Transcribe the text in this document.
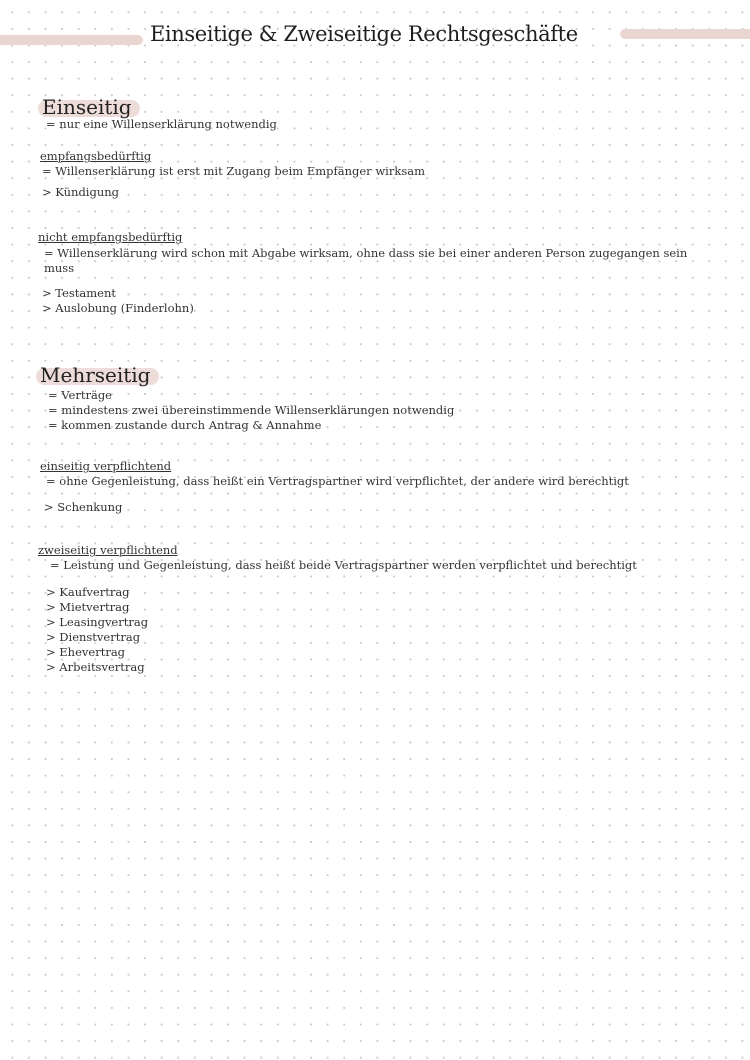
Einseitige & Zweiseitige Rechtsgeschäfte
Einseitig
= nur eine Willenserklärung notwendig
empfangsbedürftig
= Willenserklärung ist erst mit Zugang beim Empfänger wirksam
> Kündigung
nicht empfangsbedürftig
= Willenserklärung wird schon mit Abgabe wirksam, ohne dass sie bei einer anderen Person zugegangen sein muss
> Testament
> Auslobung (Finderlohn)
Mehrseitig
= Verträge
= mindestens zwei übereinstimmende Willenserklärungen notwendig
= kommen zustande durch Antrag & Annahme
einseitig verpflichtend
= ohne Gegenleistung, dass heißt ein Vertragspartner wird verpflichtet, der andere wird berechtigt
> Schenkung
zweiseitig verpflichtend
= Leistung und Gegenleistung, dass heißt beide Vertragspartner werden verpflichtet und berechtigt
> Kaufvertrag
> Mietvertrag
> Leasingvertrag
> Dienstvertrag
> Ehevertrag
> Arbeitsvertrag
